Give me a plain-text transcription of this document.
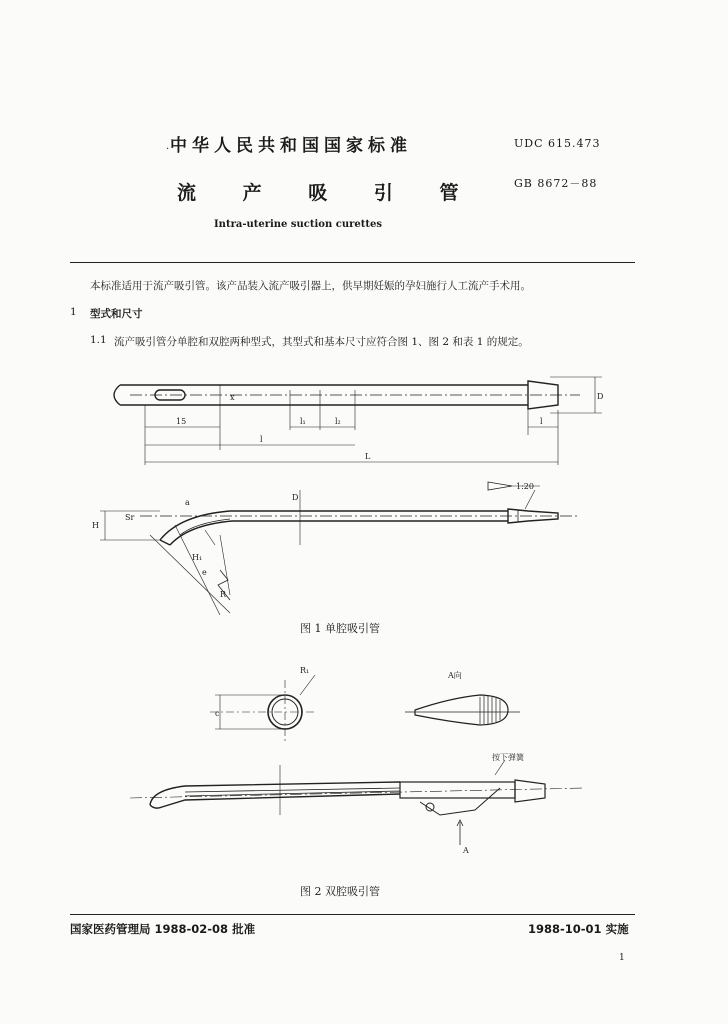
. 中华人民共和国国家标准	UDC 615.473
GB 8672－88
流 产 吸 引 管
Intra-uterine suction curettes
本标准适用于流产吸引管。该产品装入流产吸引器上，供早期妊娠的孕妇施行人工流产手术用。
1 型式和尺寸
1.1 流产吸引管分单腔和双腔两种型式，其型式和基本尺寸应符合图 1、图 2 和表 1 的规定。
15
x
l₁	l₂
l
L
D
l
D
H
Sr
a
e
H₁
R
1:20
图 1 单腔吸引管
R₁
c
A向
按下弹簧
A
图 2 双腔吸引管
国家医药管理局 1988-02-08 批准	1988-10-01 实施
1
